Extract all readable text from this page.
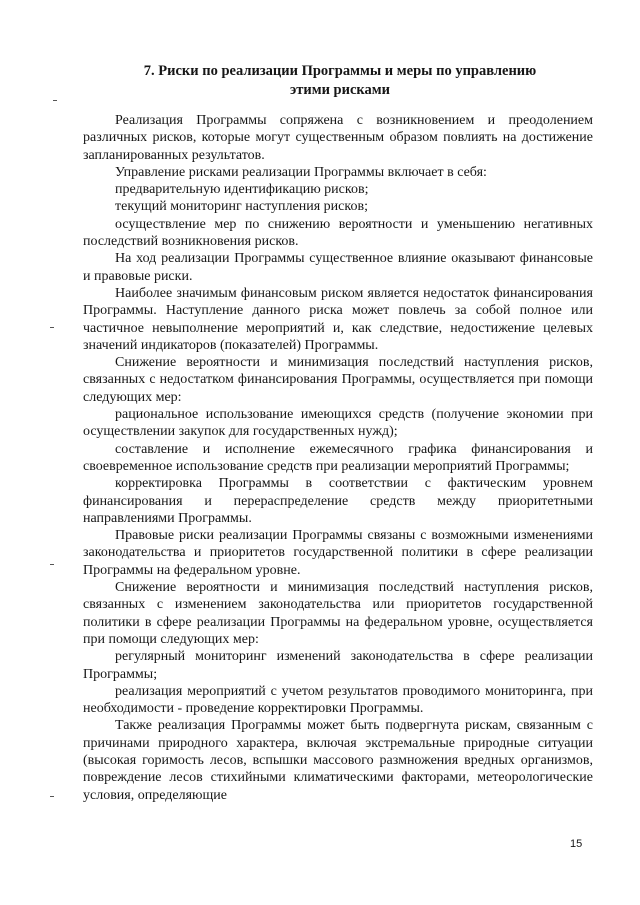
7. Риски по реализации Программы и меры по управлению
этими рисками

Реализация Программы сопряжена с возникновением и преодолением различных рисков, которые могут существенным образом повлиять на достижение запланированных результатов.

Управление рисками реализации Программы включает в себя:

предварительную идентификацию рисков;

текущий мониторинг наступления рисков;

осуществление мер по снижению вероятности и уменьшению негативных последствий возникновения рисков.

На ход реализации Программы существенное влияние оказывают финансовые и правовые риски.

Наиболее значимым финансовым риском является недостаток финансирования Программы. Наступление данного риска может повлечь за собой полное или частичное невыполнение мероприятий и, как следствие, недостижение целевых значений индикаторов (показателей) Программы.

Снижение вероятности и минимизация последствий наступления рисков, связанных с недостатком финансирования Программы, осуществляется при помощи следующих мер:

рациональное использование имеющихся средств (получение экономии при осуществлении закупок для государственных нужд);

составление и исполнение ежемесячного графика финансирования и своевременное использование средств при реализации мероприятий Программы;

корректировка Программы в соответствии с фактическим уровнем финансирования и перераспределение средств между приоритетными направлениями Программы.

Правовые риски реализации Программы связаны с возможными изменениями законодательства и приоритетов государственной политики в сфере реализации Программы на федеральном уровне.

Снижение вероятности и минимизация последствий наступления рисков, связанных с изменением законодательства или приоритетов государственной политики в сфере реализации Программы на федеральном уровне, осуществляется при помощи следующих мер:

регулярный мониторинг изменений законодательства в сфере реализации Программы;

реализация мероприятий с учетом результатов проводимого мониторинга, при необходимости - проведение корректировки Программы.

Также реализация Программы может быть подвергнута рискам, связанным с причинами природного характера, включая экстремальные природные ситуации (высокая горимость лесов, вспышки массового размножения вредных организмов, повреждение лесов стихийными климатическими факторами, метеорологические условия, определяющие

15
